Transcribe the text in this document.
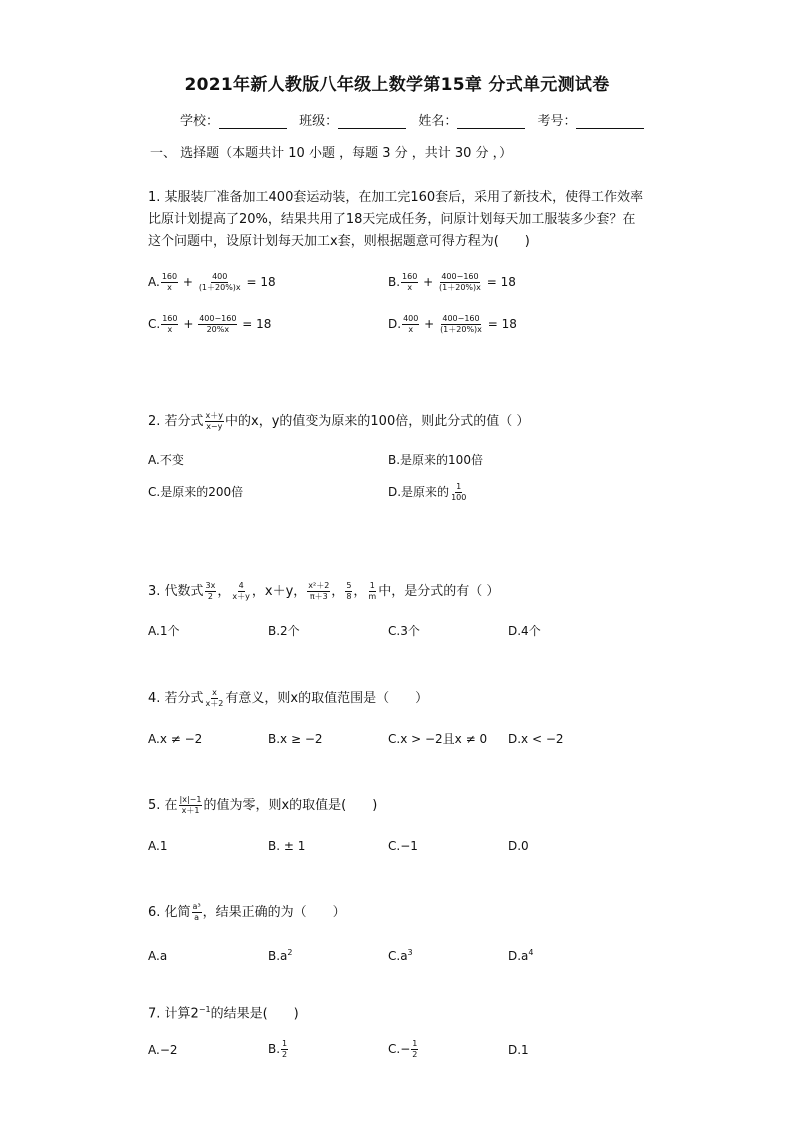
2021年新人教版八年级上数学第15章 分式单元测试卷
学校：	班级：	姓名：	考号：
一、 选择题（本题共计 10 小题 ，每题 3 分 ，共计 30 分 ，）
1. 某服装厂准备加工400套运动装，在加工完160套后，采用了新技术，使得工作效率
比原计划提高了20%，结果共用了18天完成任务，问原计划每天加工服装多少套？在
这个问题中，设原计划每天加工x套，则根据题意可得方程为(　　)
A. $\frac{160}{x} + \frac{400}{(1+20\%)x} = 18$	B. $\frac{160}{x} + \frac{400-160}{(1+20\%)x} = 18$
C. $\frac{160}{x} + \frac{400-160}{20\%x} = 18$	D. $\frac{400}{x} + \frac{400-160}{(1+20\%)x} = 18$
2. 若分式 $\frac{x+y}{x-y}$ 中的x，y的值变为原来的100倍，则此分式的值（ ）
A.不变	B.是原来的100倍
C.是原来的200倍	D.是原来的 $\frac{1}{100}$
3. 代数式 $\frac{3x}{2}$ ， $\frac{4}{x+y}$ ，x＋y， $\frac{\text{x²＋2}}{\pi+3}$ ， $\frac{5}{8}$ ， $\frac{1}{m}$ 中，是分式的有（ ）
A.1个	B.2个	C.3个	D.4个
4. 若分式 $\frac{x}{x+2}$ 有意义，则x的取值范围是（　　）
A.x ≠ −2	B.x ≥ −2	C.x > −2且x ≠ 0 D.x < −2
5. 在 $\frac{|x|-1}{x+1}$ 的值为零，则x的取值是(　　)
A.1	B. ± 1	C.−1	D.0
6. 化简 $\frac{\text{a³}}{a}$ ，结果正确的为（　　）
A.a	$B.a^2$	$C.a^3$	$D.a^4$
7. 计算$2^{-1}$的结果是(　　)
A.−2	B. $\frac{1}{2}$	$C.- \frac{1}{2}$	D.1
